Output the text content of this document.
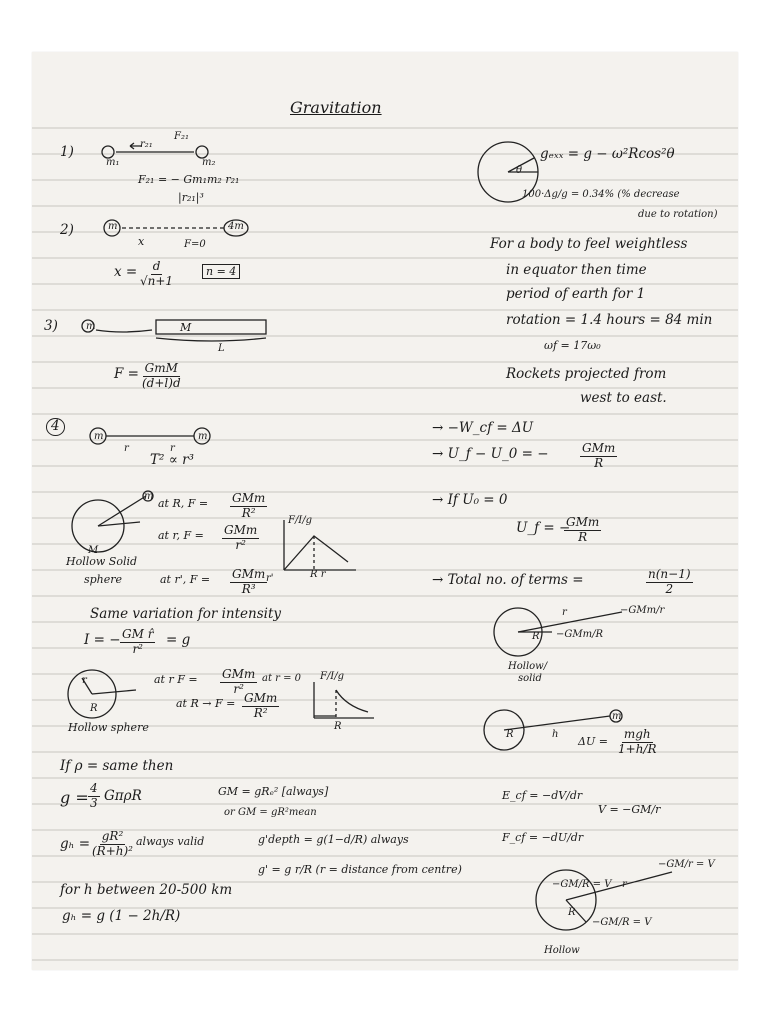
Gravitation
1)
m₁	m₂
r₂₁
F₂₁
F₂₁ = − Gm₁m₂ r₂₁
|r₂₁|³
2)	m	4m
x	F=0
$x = \frac{d}{√n+1}$	n = 4
3)	m	M
L
F = GmM
(d+l)d
4
m	m
r	r
T² ∝ r³
m
at R, F = GMm
R²
at r, F = GMm
r²
F/I/g
R r
M
Hollow Solid
sphere	at r', F = GMm
R³
r'
Same variation for intensity
I = − $\frac{\text{GM r̂}}{\text{r²}} = g$
r
R
at r F = GMm
r²
at r = 0 F/I/g
R
at R → F = GMm
R²
Hollow sphere
If ρ = same then
$g = \frac{4}{3}$ GπρR	GM = gRₑ² [always]
or GM = gR²mean
$g_h = \frac{\text{gR²}}{\text{(R+h)²}}$ always valid	g'depth = g(1−d/R) always
g' = g r/R (r = distance from centre)
for h between 20-500 km
gₕ = g (1 − 2h/R)
θ
gₑₓₓ = g − ω²Rcos²θ
100·Δg/g = 0.34% (% decrease
due to rotation)
For a body to feel weightless
in equator then time
period of earth for 1
rotation = 1.4 hours = 84 min
ωf = 17ω₀
Rockets projected from
west to east.
→ −W_cf = ΔU
→ U_f − U_0 = −	GMm
R
→ If U₀ = 0
U_f = −
GMm
R
→ Total no. of terms =	$\frac{n(n-1)}{2}$
r
R
−GMm/r
−GMm/R
Hollow/
solid
R	h
m
ΔU =
mgh
1+h/R
E_cf = −dV/dr
V = −GM/r
F_cf = −dU/dr
−GM/R = V
−GM/r = V
r
R
−GM/R = V
Hollow
